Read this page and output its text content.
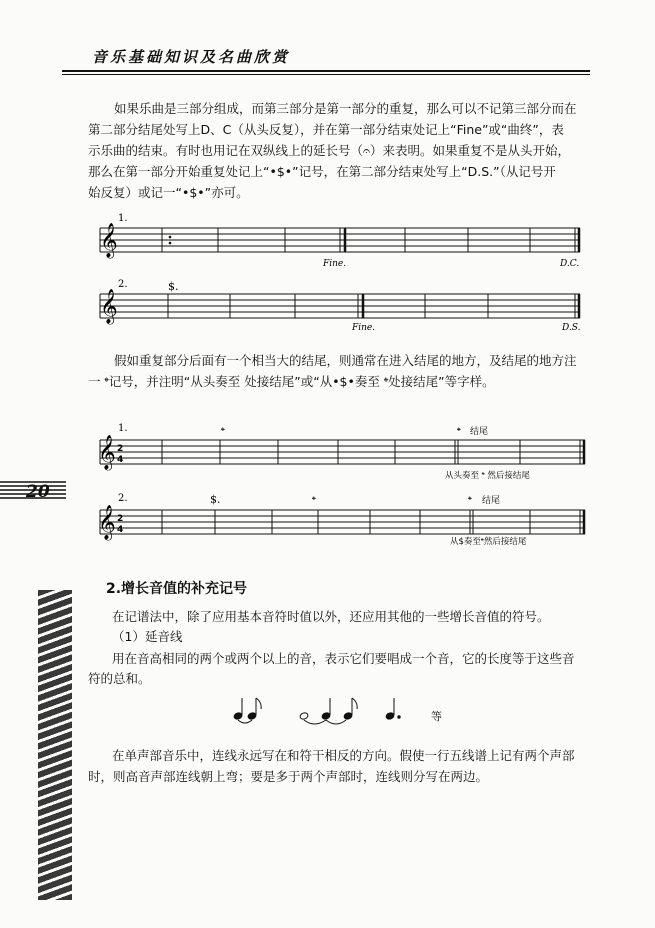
音乐基础知识及名曲欣赏

如果乐曲是三部分组成，而第三部分是第一部分的重复，那么可以不记第三部分而在

第二部分结尾处写上D、C（从头反复），并在第一部分结束处记上“Fine”或“曲终”，表

示乐曲的结束。有时也用记在双纵线上的延长号（𝄐）来表明。如果重复不是从头开始，

那么在第一部分开始重复处记上“•$•”记号，在第二部分结束处写上“D.S.”（从记号开

始反复）或记一“•$•”亦可。

𝄞
1.
Fine.	D.C.
𝄞
2.	$.
Fine.	D.S.

假如重复部分后面有一个相当大的结尾，则通常在进入结尾的地方，及结尾的地方注

一 𝄌记号，并注明“从头奏至 处接结尾”或“从•$•奏至 𝄌处接结尾”等字样。

𝄞 2
4
1.	𝄌	𝄌 结尾
从头奏至 𝄌 然后接结尾
𝄞 2
4
2.	$.	𝄌	𝄌 结尾
从$奏至𝄌然后接结尾
20
2.增长音值的补充记号
在记谱法中，除了应用基本音符时值以外，还应用其他的一些增长音值的符号。
（1）延音线
用在音高相同的两个或两个以上的音，表示它们要唱成一个音，它的长度等于这些音
符的总和。
等
在单声部音乐中，连线永远写在和符干相反的方向。假使一行五线谱上记有两个声部
时，则高音声部连线朝上弯；要是多于两个声部时，连线则分写在两边。
